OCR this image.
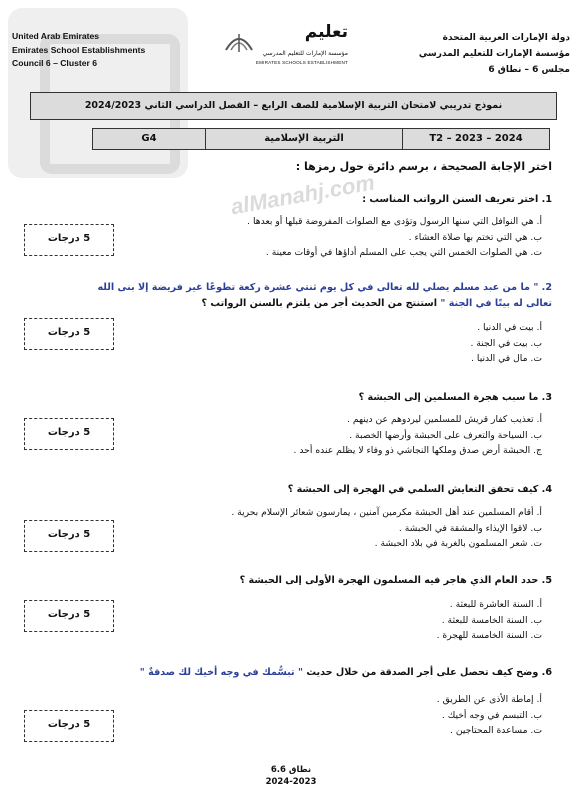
alManahj.com
United Arab Emirates
Emirates School Establishments
Council 6 – Cluster 6
تعليم
مؤسسة الإمارات للتعليم المدرسي
EMIRATES SCHOOLS ESTABLISHMENT
دولة الإمارات العربية المتحدة
مؤسسة الإمارات للتعليم المدرسي
مجلس 6 – نطاق 6
نموذج تدريبي لامتحان التربية الإسلامية للصف الرابع – الفصل الدراسي الثاني 2024/2023
G4	التربية الإسلامية	T2 – 2023 – 2024
اختر الإجابة الصحيحة ، برسم دائرة حول رمزها :
1. اختر تعريف السنن الرواتب المناسب :
أ. هي النوافل التي سنها الرسول وتؤدى مع الصلوات المفروضة قبلها أو بعدها .
ب. هي التي تختم بها صلاة العشاء .
ت. هي الصلوات الخمس التي يجب على المسلم أداؤها في أوقات معينة .
5 درجات
2. " ما من عبد مسلم يصلي لله تعالى في كل يوم ثنتي عشرة ركعة تطوعًا غير فريضة إلا بنى الله تعالى له بيتًا في الجنة " استنتج من الحديث أجر من يلتزم بالسنن الرواتب ؟
أ. بيت في الدنيا .
ب. بيت في الجنة .
ت. مال في الدنيا .
5 درجات
3. ما سبب هجرة المسلمين إلى الحبشة ؟
أ. تعذيب كفار قريش للمسلمين ليردوهم عن دينهم .
ب. السياحة والتعرف على الحبشة وأرضها الخصبة .
ج. الحبشة أرض صدق وملكها النجاشي ذو وفاء لا يظلم عنده أحد .
5 درجات
4. كيف تحقق التعايش السلمي في الهجرة إلى الحبشة ؟
أ. أقام المسلمين عند أهل الحبشة مكرمين آمنين ، يمارسون شعائر الإسلام بحرية .
ب. لاقوا الإيذاء والمشقة في الحبشة .
ت. شعر المسلمون بالغربة في بلاد الحبشة .
5 درجات
5. حدد العام الذي هاجر فيه المسلمون الهجرة الأولى إلى الحبشة ؟
أ. السنة العاشرة للبعثة .
ب. السنة الخامسة للبعثة .
ت. السنة الخامسة للهجرة .
5 درجات
6. وضح كيف تحصل على أجر الصدقة من خلال حديث " تبسُّمك في وجه أخيك لك صدقةٌ "
أ. إماطة الأذى عن الطريق .
ب. التبسم في وجه أخيك .
ت. مساعدة المحتاجين .
5 درجات
نطاق 6.6
2024-2023
